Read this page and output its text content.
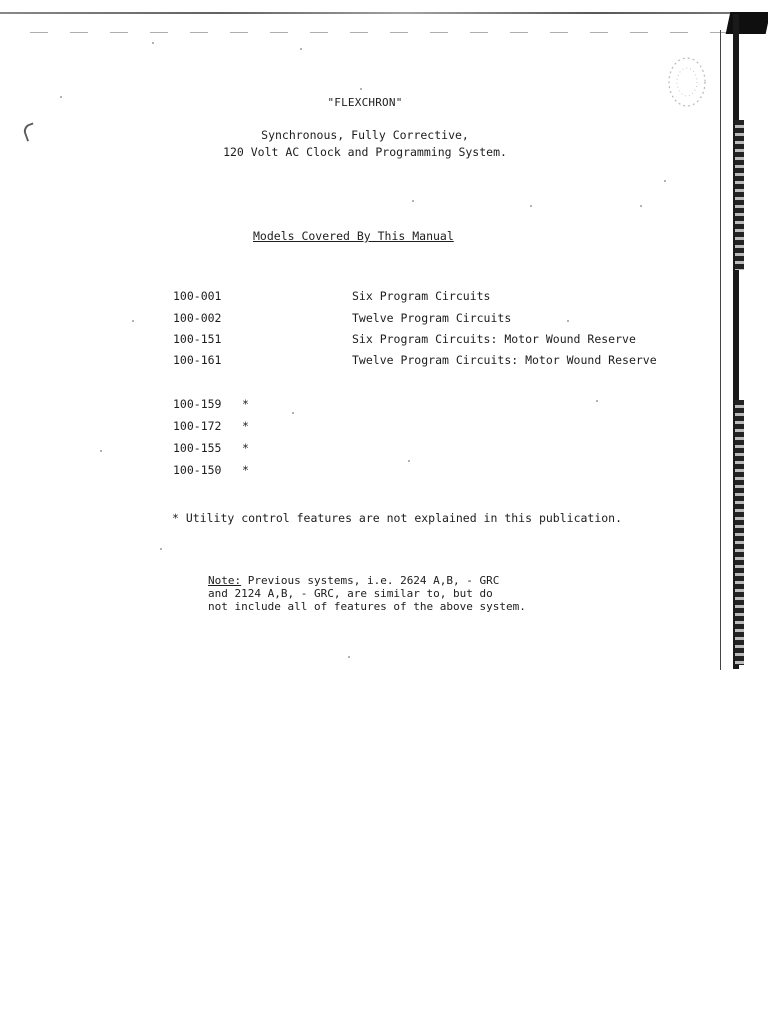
"FLEXCHRON"
Synchronous, Fully Corrective,
120 Volt AC Clock and Programming System.
Models Covered By This Manual
100-001	Six Program Circuits
100-002	Twelve Program Circuits
100-151	Six Program Circuits: Motor Wound Reserve
100-161	Twelve Program Circuits: Motor Wound Reserve
100-159 *
100-172 *
100-155 *
100-150 *
* Utility control features are not explained in this publication.
Note: Previous systems, i.e. 2624 A,B, - GRC
and 2124 A,B, - GRC, are similar to, but do
not include all of features of the above system.
